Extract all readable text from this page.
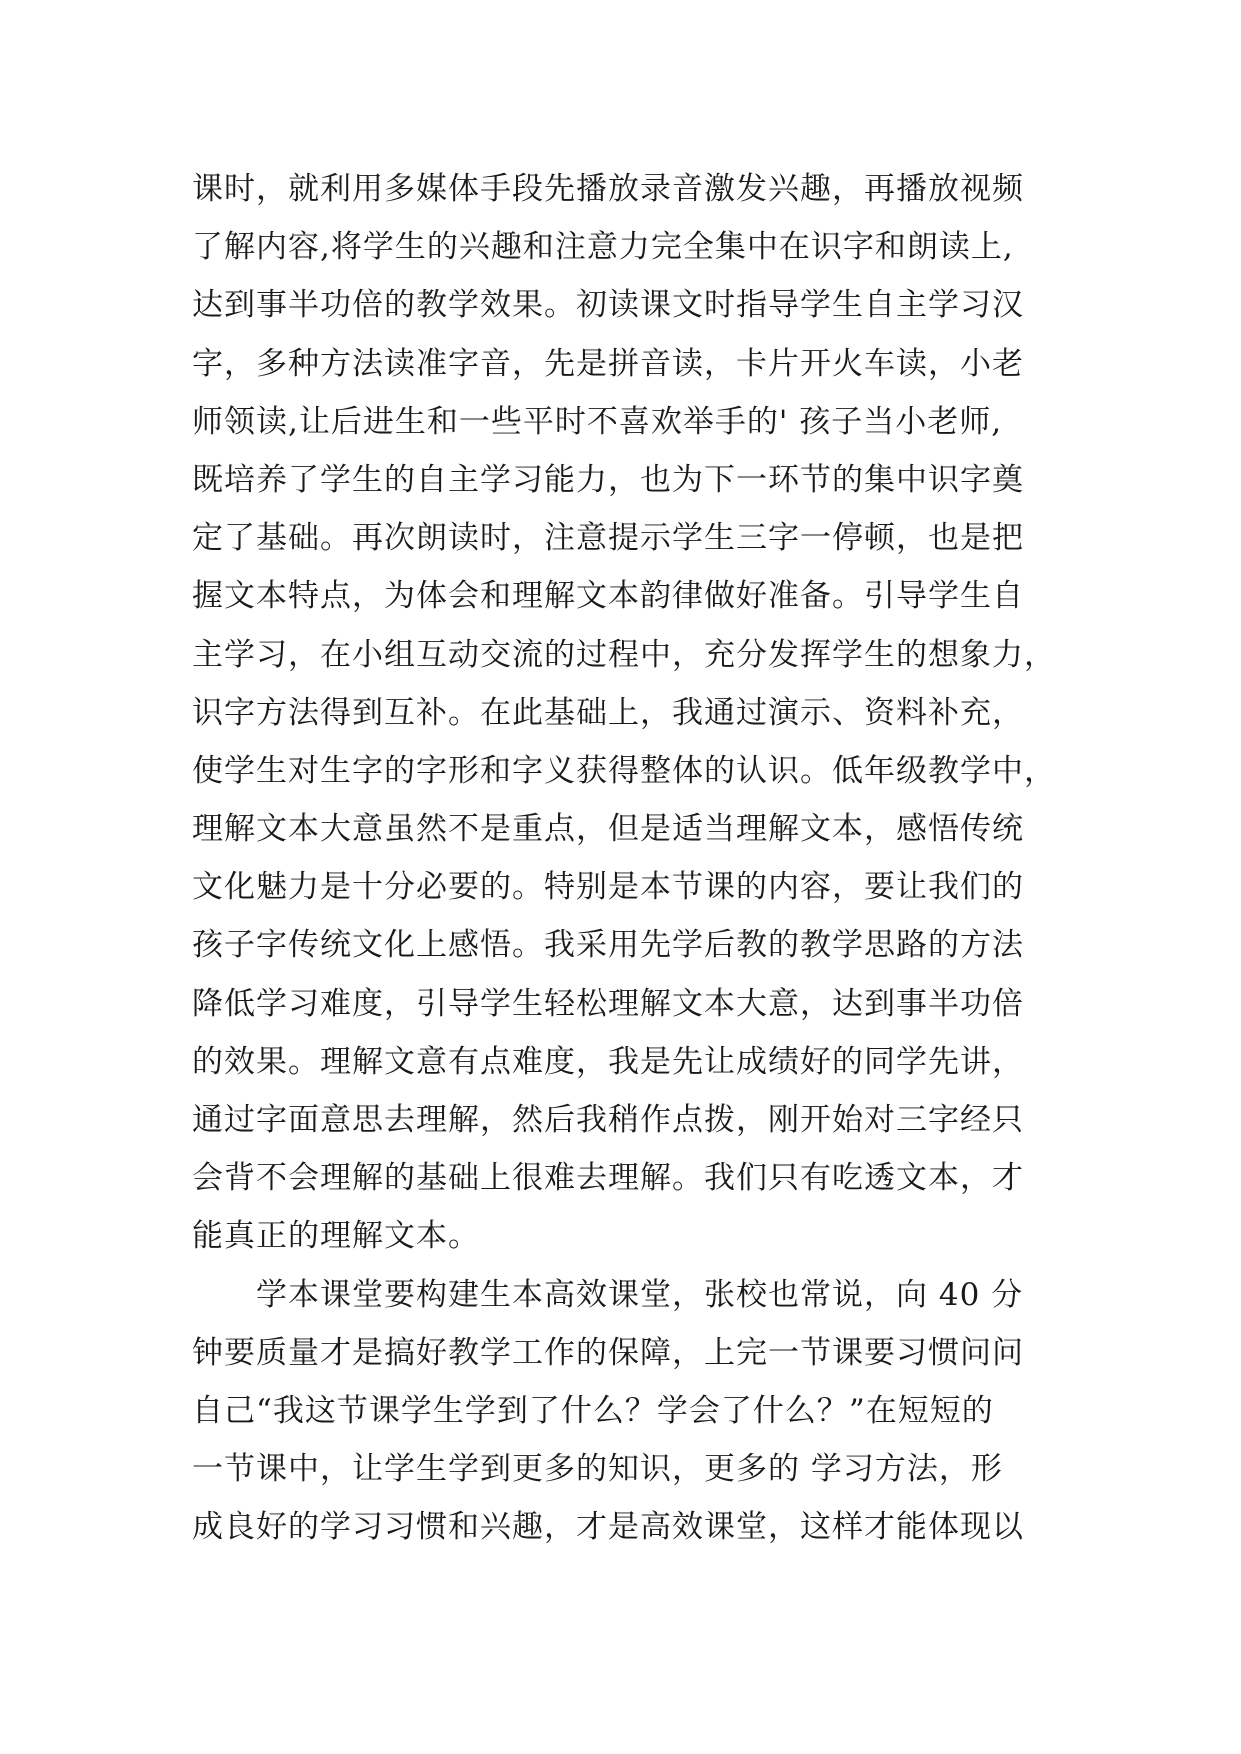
课时，就利用多媒体手段先播放录音激发兴趣，再播放视频
了解内容,将学生的兴趣和注意力完全集中在识字和朗读上,
达到事半功倍的教学效果。初读课文时指导学生自主学习汉
字，多种方法读准字音，先是拼音读，卡片开火车读，小老
师领读,让后进生和一些平时不喜欢举手的' 孩子当小老师,
既培养了学生的自主学习能力，也为下一环节的集中识字奠
定了基础。再次朗读时，注意提示学生三字一停顿，也是把
握文本特点，为体会和理解文本韵律做好准备。引导学生自
主学习，在小组互动交流的过程中，充分发挥学生的想象力，
识字方法得到互补。在此基础上，我通过演示、资料补充，
使学生对生字的字形和字义获得整体的认识。低年级教学中，
理解文本大意虽然不是重点，但是适当理解文本，感悟传统
文化魅力是十分必要的。特别是本节课的内容，要让我们的
孩子字传统文化上感悟。我采用先学后教的教学思路的方法
降低学习难度，引导学生轻松理解文本大意，达到事半功倍
的效果。理解文意有点难度，我是先让成绩好的同学先讲，
通过字面意思去理解，然后我稍作点拨，刚开始对三字经只
会背不会理解的基础上很难去理解。我们只有吃透文本，才
能真正的理解文本。
学本课堂要构建生本高效课堂，张校也常说，向 40 分
钟要质量才是搞好教学工作的保障，上完一节课要习惯问问
自己“我这节课学生学到了什么？学会了什么？”在短短的
一节课中，让学生学到更多的知识，更多的 学习方法，形
成良好的学习习惯和兴趣，才是高效课堂，这样才能体现以
